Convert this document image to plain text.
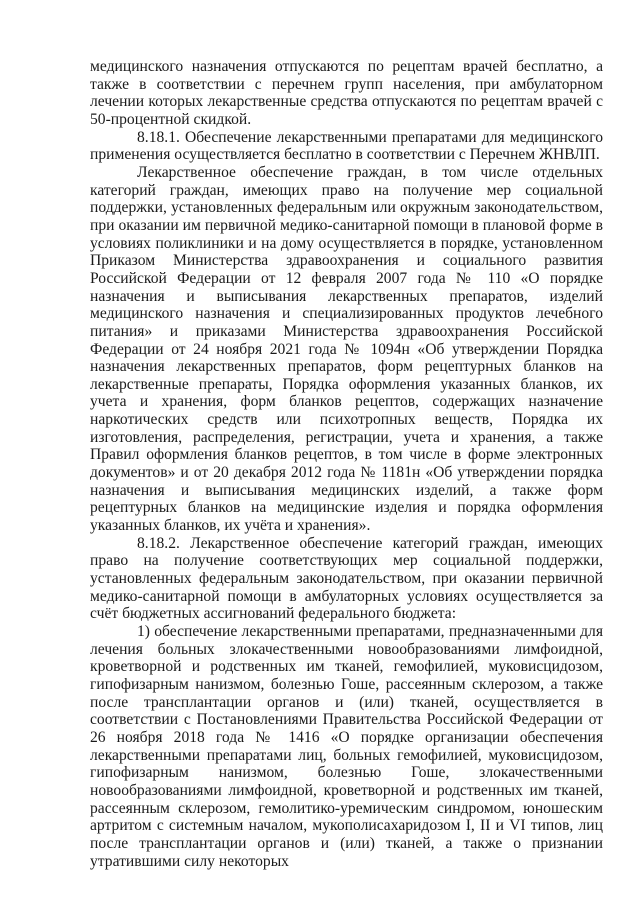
медицинского назначения отпускаются по рецептам врачей бесплатно, а также в соответствии с перечнем групп населения, при амбулаторном лечении которых лекарственные средства отпускаются по рецептам врачей с 50-процентной скидкой.

8.18.1. Обеспечение лекарственными препаратами для медицинского применения осуществляется бесплатно в соответствии с Перечнем ЖНВЛП.

Лекарственное обеспечение граждан, в том числе отдельных категорий граждан, имеющих право на получение мер социальной поддержки, установленных федеральным или окружным законодательством, при оказании им первичной медико-санитарной помощи в плановой форме в условиях поликлиники и на дому осуществляется в порядке, установленном Приказом Министерства здравоохранения и социального развития Российской Федерации от 12 февраля 2007 года № 110 «О порядке назначения и выписывания лекарственных препаратов, изделий медицинского назначения и специализированных продуктов лечебного питания» и приказами Министерства здравоохранения Российской Федерации от 24 ноября 2021 года № 1094н «Об утверждении Порядка назначения лекарственных препаратов, форм рецептурных бланков на лекарственные препараты, Порядка оформления указанных бланков, их учета и хранения, форм бланков рецептов, содержащих назначение наркотических средств или психотропных веществ, Порядка их изготовления, распределения, регистрации, учета и хранения, а также Правил оформления бланков рецептов, в том числе в форме электронных документов» и от 20 декабря 2012 года № 1181н «Об утверждении порядка назначения и выписывания медицинских изделий, а также форм рецептурных бланков на медицинские изделия и порядка оформления указанных бланков, их учёта и хранения».

8.18.2. Лекарственное обеспечение категорий граждан, имеющих право на получение соответствующих мер социальной поддержки, установленных федеральным законодательством, при оказании первичной медико-санитарной помощи в амбулаторных условиях осуществляется за счёт бюджетных ассигнований федерального бюджета:

1) обеспечение лекарственными препаратами, предназначенными для лечения больных злокачественными новообразованиями лимфоидной, кроветворной и родственных им тканей, гемофилией, муковисцидозом, гипофизарным нанизмом, болезнью Гоше, рассеянным склерозом, а также после трансплантации органов и (или) тканей, осуществляется в соответствии с Постановлениями Правительства Российской Федерации от 26 ноября 2018 года № 1416 «О порядке организации обеспечения лекарственными препаратами лиц, больных гемофилией, муковисцидозом, гипофизарным нанизмом, болезнью Гоше, злокачественными новообразованиями лимфоидной, кроветворной и родственных им тканей, рассеянным склерозом, гемолитико-уремическим синдромом, юношеским артритом с системным началом, мукополисахаридозом I, II и VI типов, лиц после трансплантации органов и (или) тканей, а также о признании утратившими силу некоторых
